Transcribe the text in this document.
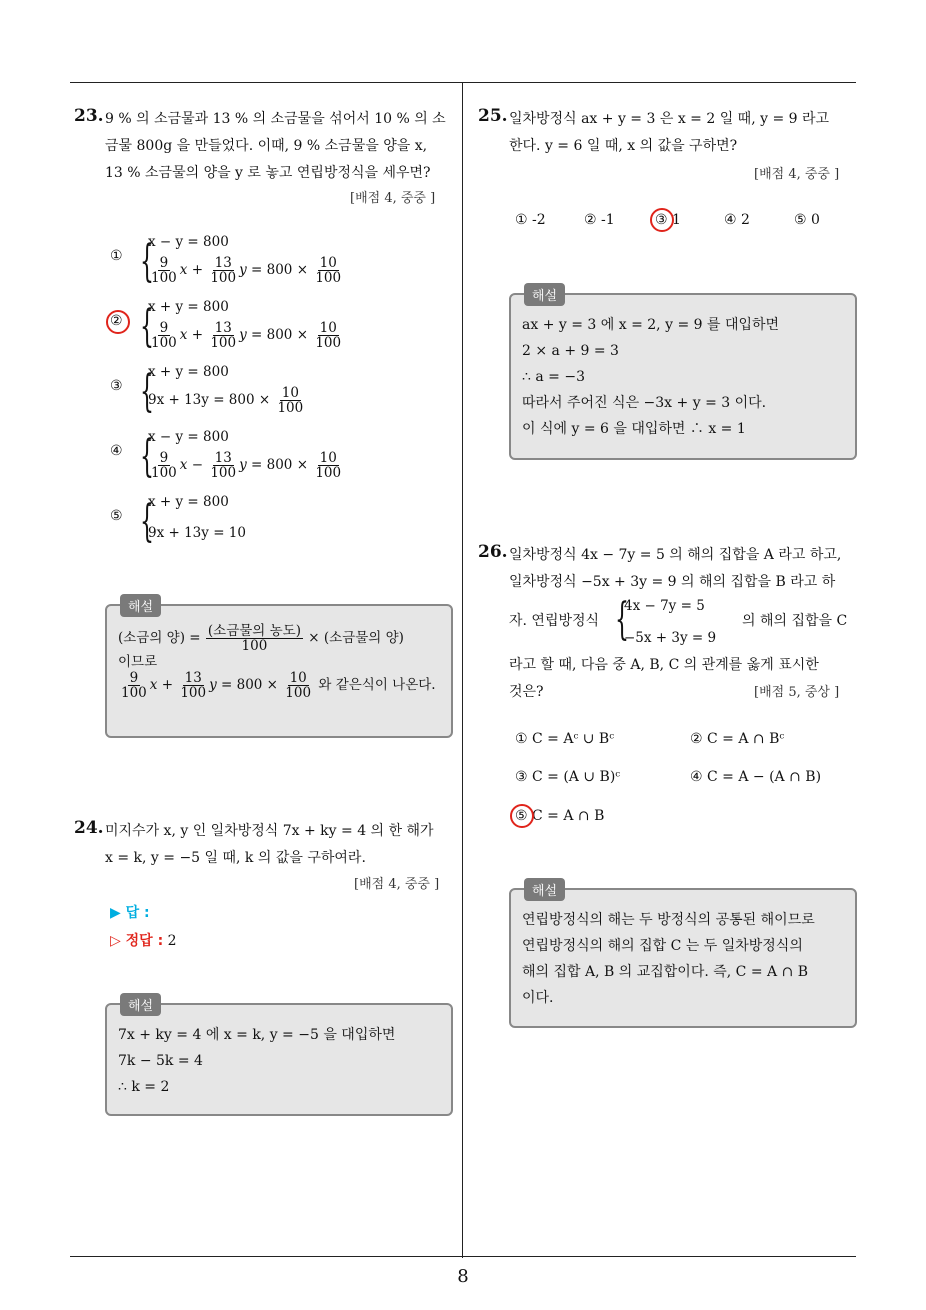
8
23. 9 % 의 소금물과 13 % 의 소금물을 섞어서 10 % 의 소
금물 800g 을 만들었다. 이때, 9 % 소금물을 양을 x,
13 % 소금물의 양을 y 로 놓고 연립방정식을 세우면?
[배점 4, 중중 ]
① {
x − y = 800
$\frac{9}{100}$ $x + \frac{13}{100}$ $y = 800 \times \frac{10}{100}$
② {
x + y = 800
$\frac{9}{100}$ $x + \frac{13}{100}$ $y = 800 \times \frac{10}{100}$
③ {
x + y = 800
$9x + 13y = 800 \times \frac{10}{100}$
④ {
x − y = 800
$\frac{9}{100}$ $x - \frac{13}{100}$ $y = 800 \times \frac{10}{100}$
⑤ {
x + y = 800
9x + 13y = 10
해설
(소금의 양) = $\frac{\text{(소금물의 농도)}}{100}$ × (소금물의 양)
이므로
$\frac{9}{100}$ $x + \frac{13}{100}$ $y = 800 \times \frac{10}{100}$ 와 같은식이 나온다.
24. 미지수가 x, y 인 일차방정식 7x + ky = 4 의 한 해가
x = k, y = −5 일 때, k 의 값을 구하여라.
[배점 4, 중중 ]
▶ 답 :
▷ 정답 : 2
해설
7x + ky = 4 에 x = k, y = −5 을 대입하면
7k − 5k = 4
∴ k = 2
25. 일차방정식 ax + y = 3 은 x = 2 일 때, y = 9 라고
한다. y = 6 일 때, x 의 값을 구하면?
[배점 4, 중중 ]
① -2	② -1	③ 1	④ 2	⑤ 0
해설
ax + y = 3 에 x = 2, y = 9 를 대입하면
2 × a + 9 = 3
∴ a = −3
따라서 주어진 식은 −3x + y = 3 이다.
이 식에 y = 6 을 대입하면 ∴ x = 1
26. 일차방정식 4x − 7y = 5 의 해의 집합을 A 라고 하고,
일차방정식 −5x + 3y = 9 의 해의 집합을 B 라고 하
자. 연립방정식 {
4x − 7y = 5
−5x + 3y = 9
의 해의 집합을 C
라고 할 때, 다음 중 A, B, C 의 관계를 옳게 표시한
것은?	[배점 5, 중상 ]
① C = Aᶜ ∪ Bᶜ	② C = A ∩ Bᶜ
③ C = (A ∪ B)ᶜ	④ C = A − (A ∩ B)
⑤ C = A ∩ B
해설
연립방정식의 해는 두 방정식의 공통된 해이므로
연립방정식의 해의 집합 C 는 두 일차방정식의
해의 집합 A, B 의 교집합이다. 즉, C = A ∩ B
이다.
